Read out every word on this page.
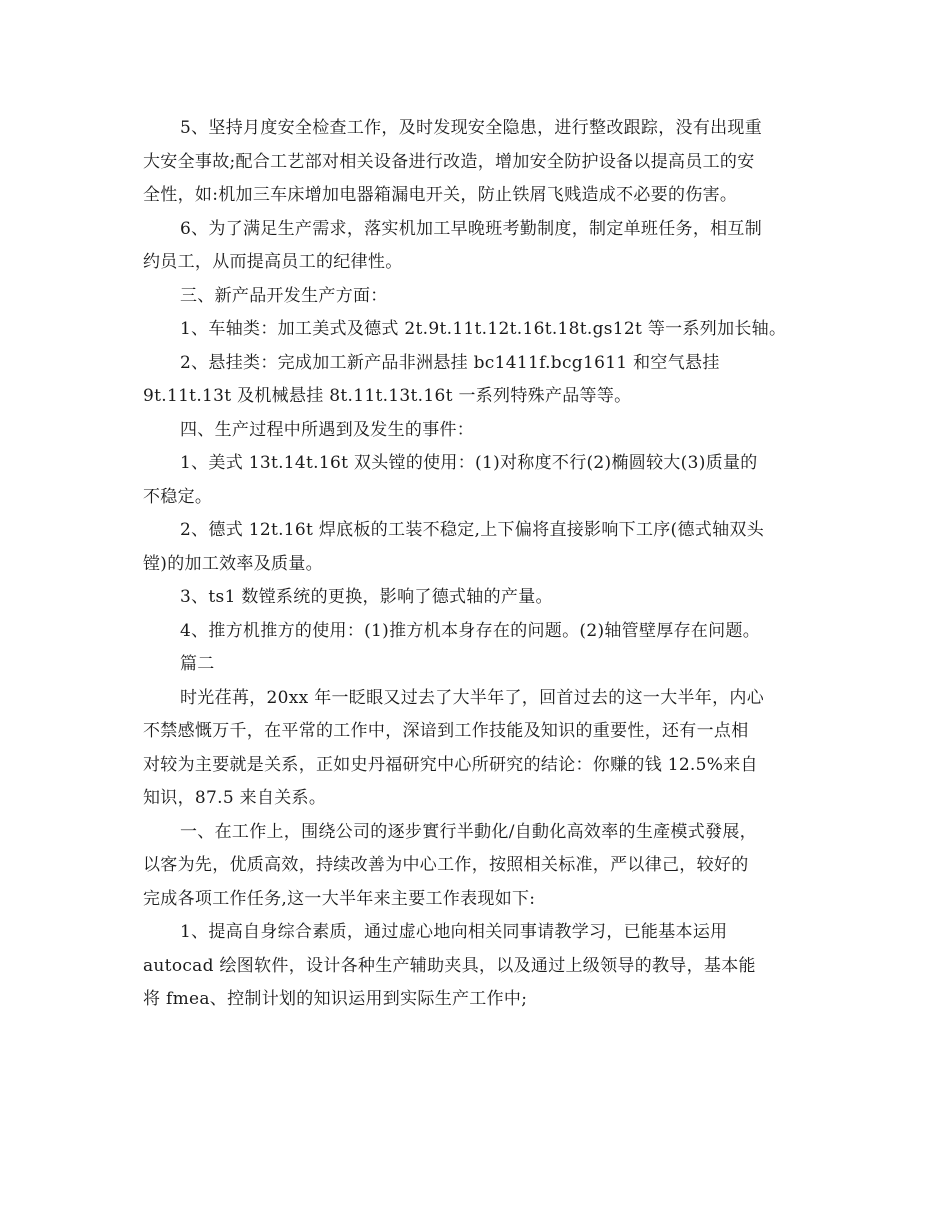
5、坚持月度安全检查工作，及时发现安全隐患，进行整改跟踪，没有出现重
大安全事故;配合工艺部对相关设备进行改造，增加安全防护设备以提高员工的安
全性，如:机加三车床增加电器箱漏电开关，防止铁屑飞贱造成不必要的伤害。
6、为了满足生产需求，落实机加工早晚班考勤制度，制定单班任务，相互制
约员工，从而提高员工的纪律性。
三、新产品开发生产方面：
1、车轴类：加工美式及德式 2t.9t.11t.12t.16t.18t.gs12t 等一系列加长轴。
2、悬挂类：完成加工新产品非洲悬挂 bc1411f.bcg1611 和空气悬挂
9t.11t.13t 及机械悬挂 8t.11t.13t.16t 一系列特殊产品等等。
四、生产过程中所遇到及发生的事件：
1、美式 13t.14t.16t 双头镗的使用：(1)对称度不行(2)椭圆较大(3)质量的
不稳定。
2、德式 12t.16t 焊底板的工装不稳定,上下偏将直接影响下工序(德式轴双头
镗)的加工效率及质量。
3、ts1 数镗系统的更换，影响了德式轴的产量。
4、推方机推方的使用：(1)推方机本身存在的问题。(2)轴管壁厚存在问题。
篇二
时光荏苒，20xx 年一眨眼又过去了大半年了，回首过去的这一大半年，内心
不禁感慨万千，在平常的工作中，深谙到工作技能及知识的重要性，还有一点相
对较为主要就是关系，正如史丹福研究中心所研究的结论：你赚的钱 12.5%来自
知识，87.5 来自关系。
一、在工作上，围绕公司的逐步實行半動化/自動化高效率的生產模式發展，
以客为先，优质高效，持续改善为中心工作，按照相关标准，严以律己，较好的
完成各项工作任务,这一大半年来主要工作表现如下:
1、提高自身综合素质，通过虚心地向相关同事请教学习，已能基本运用
autocad 绘图软件，设计各种生产辅助夹具，以及通过上级领导的教导，基本能
将 fmea、控制计划的知识运用到实际生产工作中;
